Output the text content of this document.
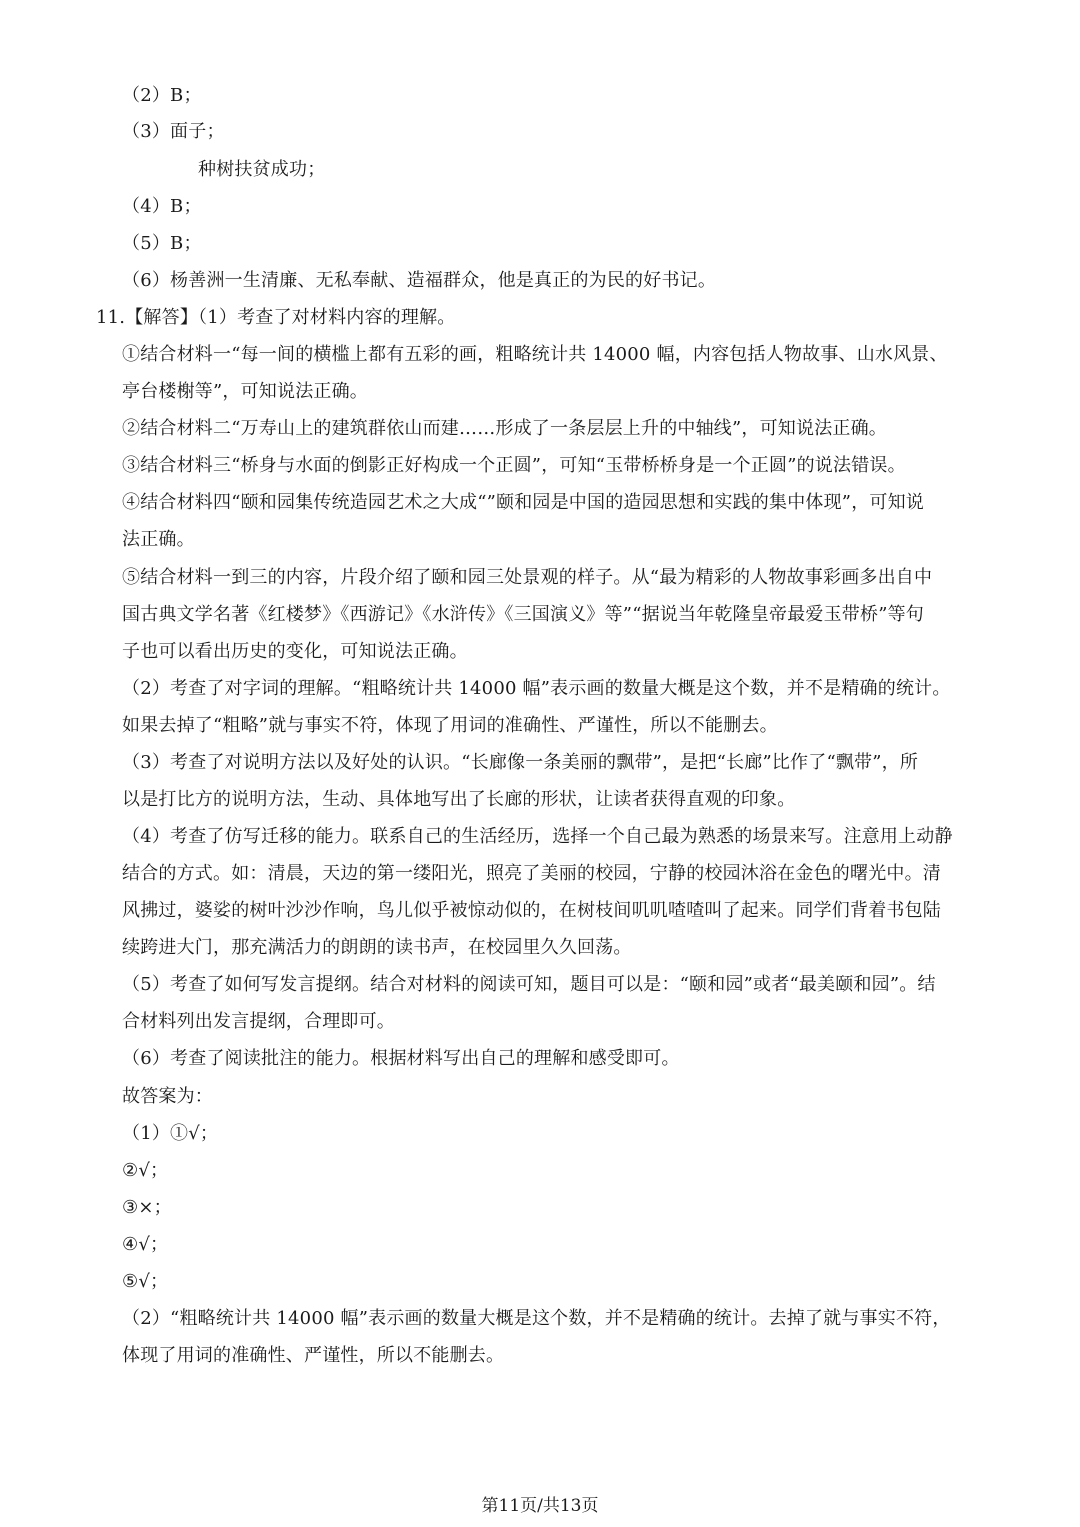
（2）B；
（3）面子；
种树扶贫成功；
（4）B；
（5）B；
（6）杨善洲一生清廉、无私奉献、造福群众，他是真正的为民的好书记。
11.【解答】（1）考查了对材料内容的理解。
①结合材料一“每一间的横槛上都有五彩的画，粗略统计共 14000 幅，内容包括人物故事、山水风景、
亭台楼榭等”，可知说法正确。
②结合材料二“万寿山上的建筑群依山而建……形成了一条层层上升的中轴线”，可知说法正确。
③结合材料三“桥身与水面的倒影正好构成一个正圆”，可知“玉带桥桥身是一个正圆”的说法错误。
④结合材料四“颐和园集传统造园艺术之大成“”颐和园是中国的造园思想和实践的集中体现”，可知说
法正确。
⑤结合材料一到三的内容，片段介绍了颐和园三处景观的样子。从“最为精彩的人物故事彩画多出自中
国古典文学名著《红楼梦》《西游记》《水浒传》《三国演义》等”“据说当年乾隆皇帝最爱玉带桥”等句
子也可以看出历史的变化，可知说法正确。
（2）考查了对字词的理解。“粗略统计共 14000 幅”表示画的数量大概是这个数，并不是精确的统计。
如果去掉了“粗略”就与事实不符，体现了用词的准确性、严谨性，所以不能删去。
（3）考查了对说明方法以及好处的认识。“长廊像一条美丽的飘带”，是把“长廊”比作了“飘带”，所
以是打比方的说明方法，生动、具体地写出了长廊的形状，让读者获得直观的印象。
（4）考查了仿写迁移的能力。联系自己的生活经历，选择一个自己最为熟悉的场景来写。注意用上动静
结合的方式。如：清晨，天边的第一缕阳光，照亮了美丽的校园，宁静的校园沐浴在金色的曙光中。清
风拂过，婆娑的树叶沙沙作响，鸟儿似乎被惊动似的，在树枝间叽叽喳喳叫了起来。同学们背着书包陆
续跨进大门，那充满活力的朗朗的读书声，在校园里久久回荡。
（5）考查了如何写发言提纲。结合对材料的阅读可知，题目可以是：“颐和园”或者“最美颐和园”。结
合材料列出发言提纲，合理即可。
（6）考查了阅读批注的能力。根据材料写出自己的理解和感受即可。
故答案为：
（1）①√；
②√；
③×；
④√；
⑤√；
（2）“粗略统计共 14000 幅”表示画的数量大概是这个数，并不是精确的统计。去掉了就与事实不符，
体现了用词的准确性、严谨性，所以不能删去。
第11页/共13页
